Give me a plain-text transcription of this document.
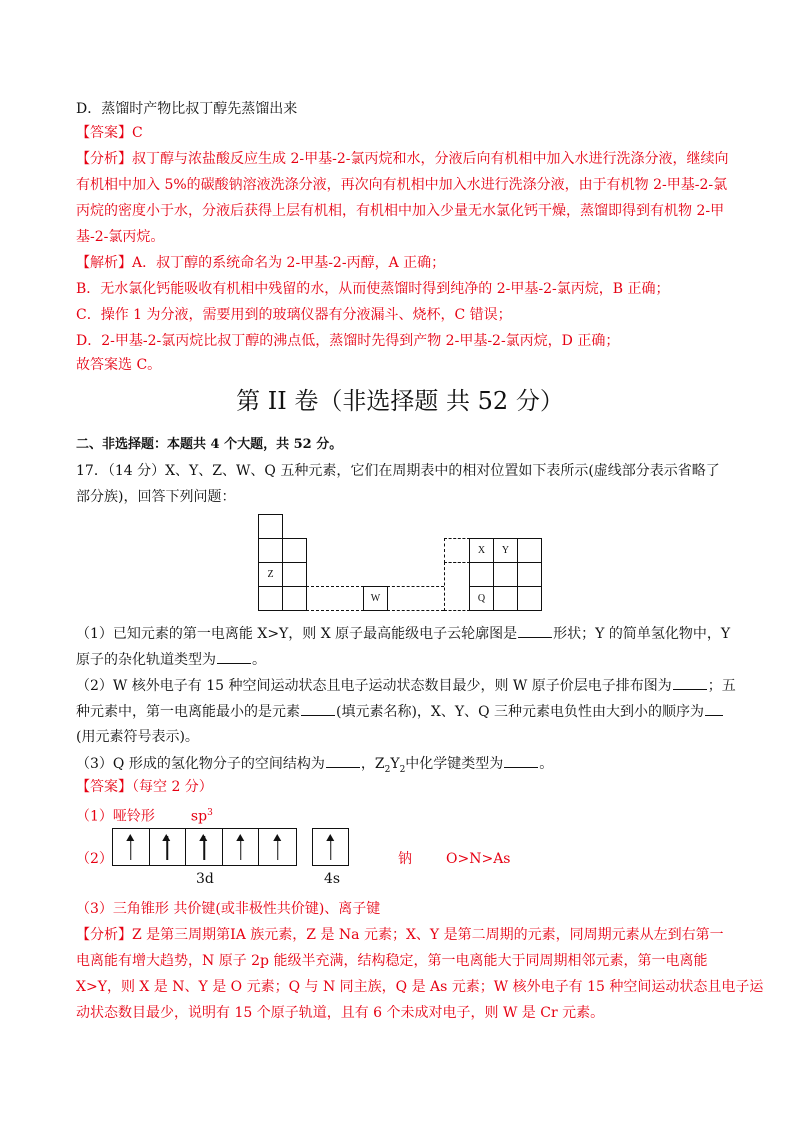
D．蒸馏时产物比叔丁醇先蒸馏出来
【答案】C
【分析】叔丁醇与浓盐酸反应生成 2-甲基-2-氯丙烷和水，分液后向有机相中加入水进行洗涤分液，继续向
有机相中加入 5%的碳酸钠溶液洗涤分液，再次向有机相中加入水进行洗涤分液，由于有机物 2-甲基-2-氯
丙烷的密度小于水，分液后获得上层有机相，有机相中加入少量无水氯化钙干燥，蒸馏即得到有机物 2-甲
基-2-氯丙烷。
【解析】A．叔丁醇的系统命名为 2-甲基-2-丙醇，A 正确；
B．无水氯化钙能吸收有机相中残留的水，从而使蒸馏时得到纯净的 2-甲基-2-氯丙烷，B 正确；
C．操作 1 为分液，需要用到的玻璃仪器有分液漏斗、烧杯，C 错误；
D．2-甲基-2-氯丙烷比叔丁醇的沸点低，蒸馏时先得到产物 2-甲基-2-氯丙烷，D 正确；
故答案选 C。
第 II 卷（非选择题 共 52 分）
二、非选择题：本题共 4 个大题，共 52 分。
17．（14 分）X、Y、Z、W、Q 五种元素，它们在周期表中的相对位置如下表所示(虚线部分表示省略了
部分族)，回答下列问题：
Z
W
X	Y
Q
（1）已知元素的第一电离能 X>Y，则 X 原子最高能级电子云轮廓图是	形状；Y 的简单氢化物中，Y
原子的杂化轨道类型为	。
（2）W 核外电子有 15 种空间运动状态且电子运动状态数目最少，则 W 原子价层电子排布图为	；五
种元素中，第一电离能最小的是元素	(填元素名称)，X、Y、Q 三种元素电负性由大到小的顺序为
(用元素符号表示)。
（3）Q 形成的氢化物分子的空间结构为	，$Z_2Y_2$中化学键类型为	。
【答案】（每空 2 分）
（1）哑铃形	$sp^3$
（2）
3d	4s
钠 O>N>As
（3）三角锥形 共价键(或非极性共价键)、离子键
【分析】Z 是第三周期第ⅠA 族元素，Z 是 Na 元素；X、Y 是第二周期的元素，同周期元素从左到右第一
电离能有增大趋势，N 原子 2p 能级半充满，结构稳定，第一电离能大于同周期相邻元素，第一电离能
X>Y，则 X 是 N、Y 是 O 元素；Q 与 N 同主族，Q 是 As 元素；W 核外电子有 15 种空间运动状态且电子运
动状态数目最少，说明有 15 个原子轨道，且有 6 个未成对电子，则 W 是 Cr 元素。
